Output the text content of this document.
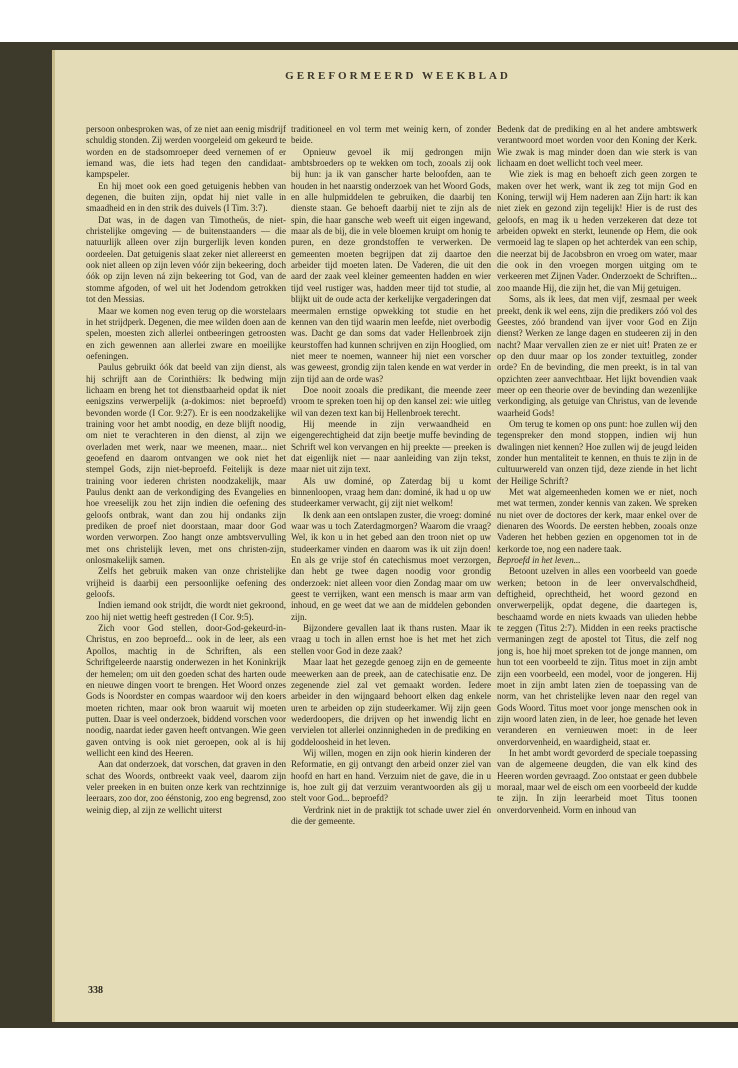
GEREFORMEERD WEEKBLAD

persoon onbesproken was, of ze niet aan eenig misdrijf schuldig stonden. Zij werden voorgeleid om gekeurd te worden en de stadsomroeper deed vernemen of er iemand was, die iets had tegen den candidaat-kampspeler.

En hij moet ook een goed getuigenis hebben van degenen, die buiten zijn, opdat hij niet valle in smaadheid en in den strik des duivels (I Tim. 3:7).

Dat was, in de dagen van Timotheüs, de niet-christelijke omgeving — de buitenstaanders — die natuurlijk alleen over zijn burgerlijk leven konden oordeelen. Dat getuigenis slaat zeker niet allereerst en ook niet alleen op zijn leven vóór zijn bekeering, doch óók op zijn leven ná zijn bekeering tot God, van de stomme afgoden, of wel uit het Jodendom getrokken tot den Messias.

Maar we komen nog even terug op die worstelaars in het strijdperk. Degenen, die mee wilden doen aan de spelen, moesten zich allerlei ontbeeringen getroosten en zich gewennen aan allerlei zware en moeilijke oefeningen.

Paulus gebruikt óók dat beeld van zijn dienst, als hij schrijft aan de Corinthiërs: Ik bedwing mijn lichaam en breng het tot dienstbaarheid opdat ik niet eenigszins verwerpelijk (a-dokimos: niet beproefd) bevonden worde (I Cor. 9:27). Er is een noodzakelijke training voor het ambt noodig, en deze blijft noodig, om niet te verachteren in den dienst, al zijn we overladen met werk, naar we meenen, maar... niet geoefend en daarom ontvangen we ook niet het stempel Gods, zijn niet-beproefd. Feitelijk is deze training voor iederen christen noodzakelijk, maar Paulus denkt aan de verkondiging des Evangelies en hoe vreeselijk zou het zijn indien die oefening des geloofs ontbrak, want dan zou hij ondanks zijn prediken de proef niet doorstaan, maar door God worden verworpen. Zoo hangt onze ambtsvervulling met ons christelijk leven, met ons christen-zijn, onlosmakelijk samen.

Zelfs het gebruik maken van onze christelijke vrijheid is daarbij een persoonlijke oefening des geloofs.

Indien iemand ook strijdt, die wordt niet gekroond, zoo hij niet wettig heeft gestreden (I Cor. 9:5).

Zich voor God stellen, door-God-gekeurd-in-Christus, en zoo beproefd... ook in de leer, als een Apollos, machtig in de Schriften, als een Schriftgeleerde naarstig onderwezen in het Koninkrijk der hemelen; om uit den goeden schat des harten oude en nieuwe dingen voort te brengen. Het Woord onzes Gods is Noordster en compas waardoor wij den koers moeten richten, maar ook bron waaruit wij moeten putten. Daar is veel onderzoek, biddend vorschen voor noodig, naardat ieder gaven heeft ontvangen. Wie geen gaven ontving is ook niet geroepen, ook al is hij wellicht een kind des Heeren.

Aan dat onderzoek, dat vorschen, dat graven in den schat des Woords, ontbreekt vaak veel, daarom zijn veler preeken in en buiten onze kerk van rechtzinnige leeraars, zoo dor, zoo éénstonig, zoo eng begrensd, zoo weinig diep, al zijn ze wellicht uiterst

traditioneel en vol term met weinig kern, of zonder beide.

Opnieuw gevoel ik mij gedrongen mijn ambtsbroeders op te wekken om toch, zooals zij ook bij hun: ja ik van ganscher harte beloofden, aan te houden in het naarstig onderzoek van het Woord Gods, en alle hulpmiddelen te gebruiken, die daarbij ten dienste staan. Ge behoeft daarbij niet te zijn als de spin, die haar gansche web weeft uit eigen ingewand, maar als de bij, die in vele bloemen kruipt om honig te puren, en deze grondstoffen te verwerken. De gemeenten moeten begrijpen dat zij daartoe den arbeider tijd moeten laten. De Vaderen, die uit den aard der zaak veel kleiner gemeenten hadden en wier tijd veel rustiger was, hadden meer tijd tot studie, al blijkt uit de oude acta der kerkelijke vergaderingen dat meermalen ernstige opwekking tot studie en het kennen van den tijd waarin men leefde, niet overbodig was. Dacht ge dan soms dat vader Hellenbroek zijn keurstoffen had kunnen schrijven en zijn Hooglied, om niet meer te noemen, wanneer hij niet een vorscher was geweest, grondig zijn talen kende en wat verder in zijn tijd aan de orde was?

Doe nooit zooals die predikant, die meende zeer vroom te spreken toen hij op den kansel zei: wie uitleg wil van dezen text kan bij Hellenbroek terecht.

Hij meende in zijn verwaandheid en eigengerechtigheid dat zijn beetje muffe bevinding de Schrift wel kon vervangen en hij preekte — preeken is dat eigenlijk niet — naar aanleiding van zijn tekst, maar niet uit zijn text.

Als uw dominé, op Zaterdag bij u komt binnenloopen, vraag hem dan: dominé, ik had u op uw studeerkamer verwacht, gij zijt niet welkom!

Ik denk aan een ontslapen zuster, die vroeg: dominé waar was u toch Zaterdagmorgen? Waarom die vraag? Wel, ik kon u in het gebed aan den troon niet op uw studeerkamer vinden en daarom was ik uit zijn doen! En als ge vrije stof én catechismus moet verzorgen, dan hebt ge twee dagen noodig voor grondig onderzoek: niet alleen voor dien Zondag maar om uw geest te verrijken, want een mensch is maar arm van inhoud, en ge weet dat we aan de middelen gebonden zijn.

Bijzondere gevallen laat ik thans rusten. Maar ik vraag u toch in allen ernst hoe is het met het zich stellen voor God in deze zaak?

Maar laat het gezegde genoeg zijn en de gemeente meewerken aan de preek, aan de catechisatie enz. De zegenende ziel zal vet gemaakt worden. Iedere arbeider in den wijngaard behoort elken dag enkele uren te arbeiden op zijn studeerkamer. Wij zijn geen wederdoopers, die drijven op het inwendig licht en vervielen tot allerlei onzinnigheden in de prediking en goddeloosheid in het leven.

Wij willen, mogen en zijn ook hierin kinderen der Reformatie, en gij ontvangt den arbeid onzer ziel van hoofd en hart en hand. Verzuim niet de gave, die in u is, hoe zult gij dat verzuim verantwoorden als gij u stelt voor God... beproefd?

Verdrink niet in de praktijk tot schade uwer ziel én die der gemeente.

Bedenk dat de prediking en al het andere ambtswerk verantwoord moet worden voor den Koning der Kerk. Wie zwak is mag minder doen dan wie sterk is van lichaam en doet wellicht toch veel meer.

Wie ziek is mag en behoeft zich geen zorgen te maken over het werk, want ik zeg tot mijn God en Koning, terwijl wij Hem naderen aan Zijn hart: ik kan niet ziek en gezond zijn tegelijk! Hier is de rust des geloofs, en mag ik u heden verzekeren dat deze tot arbeiden opwekt en sterkt, leunende op Hem, die ook vermoeid lag te slapen op het achterdek van een schip, die neerzat bij de Jacobsbron en vroeg om water, maar die ook in den vroegen morgen uitging om te verkeeren met Zijnen Vader. Onderzoekt de Schriften... zoo maande Hij, die zijn het, die van Mij getuigen.

Soms, als ik lees, dat men vijf, zesmaal per week preekt, denk ik wel eens, zijn die predikers zóó vol des Geestes, zóó brandend van ijver voor God en Zijn dienst? Werken ze lange dagen en studeeren zij in den nacht? Maar vervallen zien ze er niet uit! Praten ze er op den duur maar op los zonder textuitleg, zonder orde? En de bevinding, die men preekt, is in tal van opzichten zeer aanvechtbaar. Het lijkt bovendien vaak meer op een theorie over de bevinding dan wezenlijke verkondiging, als getuige van Christus, van de levende waarheid Gods!

Om terug te komen op ons punt: hoe zullen wij den tegenspreker den mond stoppen, indien wij hun dwalingen niet kennen? Hoe zullen wij de jeugd leiden zonder hun mentaliteit te kennen, en thuis te zijn in de cultuurwereld van onzen tijd, deze ziende in het licht der Heilige Schrift?

Met wat algemeenheden komen we er niet, noch met wat termen, zonder kennis van zaken. We spreken nu niet over de doctores der kerk, maar enkel over de dienaren des Woords. De eersten hebben, zooals onze Vaderen het hebben gezien en opgenomen tot in de kerkorde toe, nog een nadere taak.

Beproefd in het leven...

Betoont uzelven in alles een voorbeeld van goede werken; betoon in de leer onvervalschdheid, deftigheid, oprechtheid, het woord gezond en onverwerpelijk, opdat degene, die daartegen is, beschaamd worde en niets kwaads van ulieden hebbe te zeggen (Titus 2:7). Midden in een reeks practische vermaningen zegt de apostel tot Titus, die zelf nog jong is, hoe hij moet spreken tot de jonge mannen, om hun tot een voorbeeld te zijn. Titus moet in zijn ambt zijn een voorbeeld, een model, voor de jongeren. Hij moet in zijn ambt laten zien de toepassing van de norm, van het christelijke leven naar den regel van Gods Woord. Titus moet voor jonge menschen ook in zijn woord laten zien, in de leer, hoe genade het leven veranderen en vernieuwen moet: in de leer onverdorvenheid, en waardigheid, staat er.

In het ambt wordt gevorderd de speciale toepassing van de algemeene deugden, die van elk kind des Heeren worden gevraagd. Zoo ontstaat er geen dubbele moraal, maar wel de eisch om een voorbeeld der kudde te zijn. In zijn leerarbeid moet Titus toonen onverdorvenheid. Vorm en inhoud van

338
